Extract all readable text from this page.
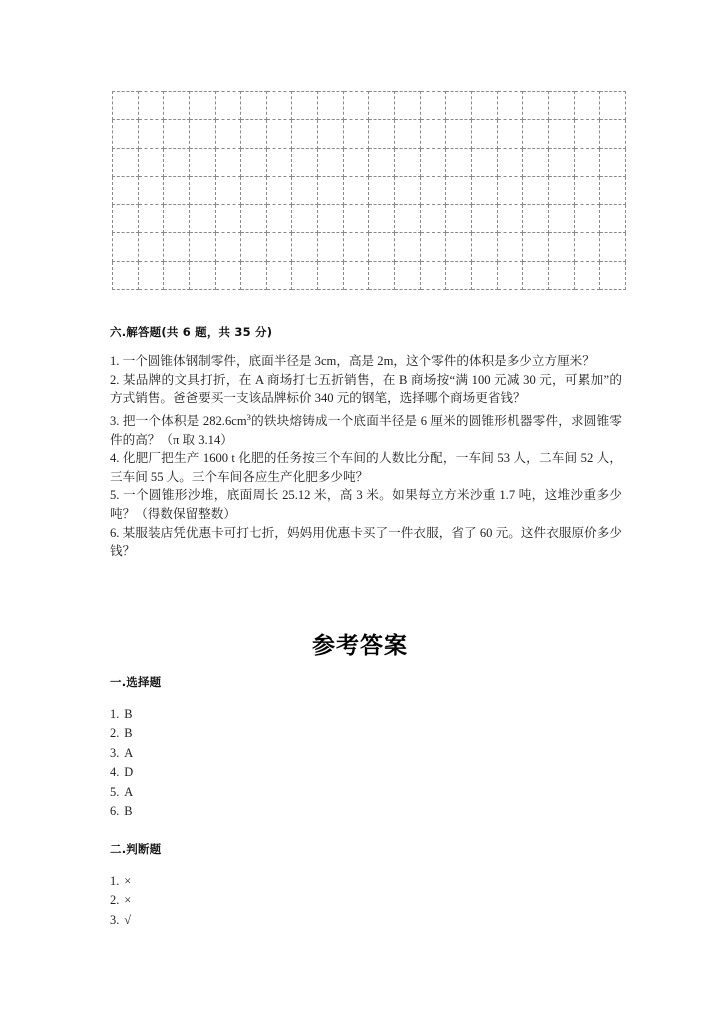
六.解答题(共 6 题，共 35 分)

1. 一个圆锥体钢制零件，底面半径是 3cm，高是 2m，这个零件的体积是多少立方厘米？

2. 某品牌的文具打折，在 A 商场打七五折销售，在 B 商场按“满 100 元减 30 元，可累加”的方式销售。爸爸要买一支该品牌标价 340 元的钢笔，选择哪个商场更省钱？

3. 把一个体积是 $282.6cm^3$的铁块熔铸成一个底面半径是 6 厘米的圆锥形机器零件，求圆锥零件的高？（π 取 3.14）

4. 化肥厂把生产 1600 t 化肥的任务按三个车间的人数比分配，一车间 53 人，二车间 52 人，三车间 55 人。三个车间各应生产化肥多少吨？

5. 一个圆锥形沙堆，底面周长 25.12 米，高 3 米。如果每立方米沙重 1.7 吨，这堆沙重多少吨？（得数保留整数）

6. 某服装店凭优惠卡可打七折，妈妈用优惠卡买了一件衣服，省了 60 元。这件衣服原价多少钱？

参考答案
一.选择题
1. B
2. B
3. A
4. D
5. A
6. B
二.判断题
1. ×
2. ×
3. √
